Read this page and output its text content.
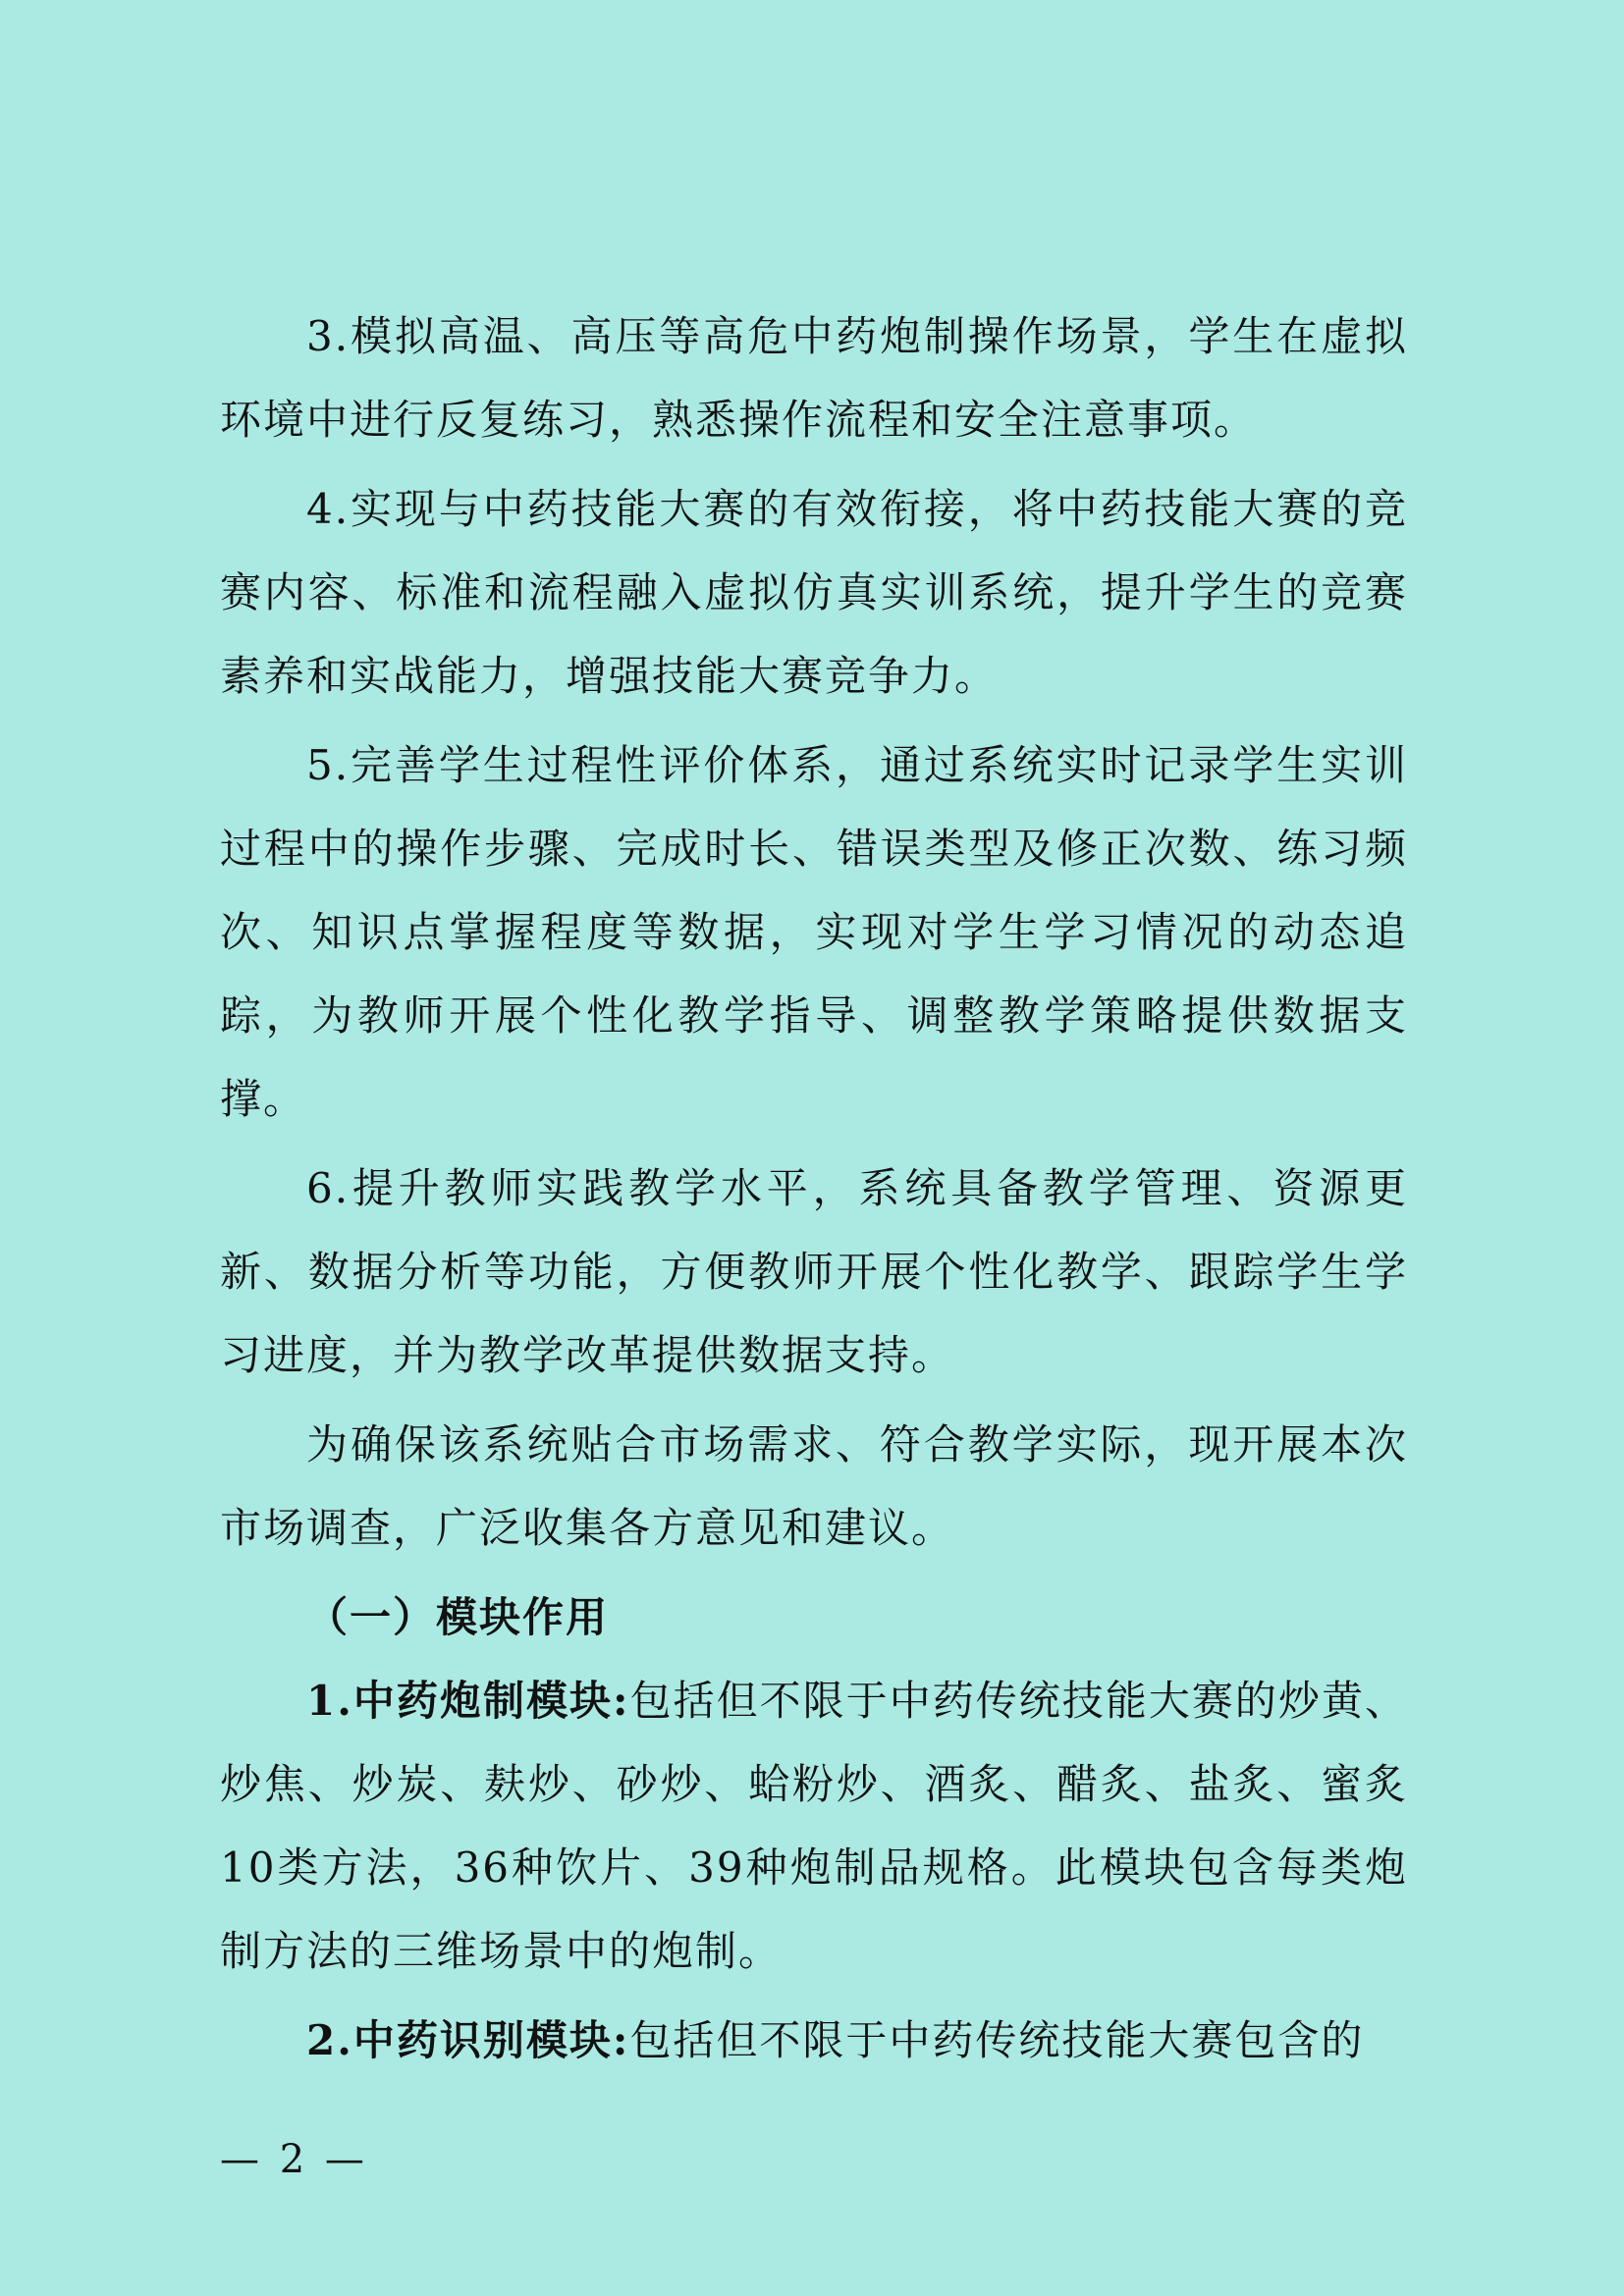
3.模拟高温、高压等高危中药炮制操作场景，学生在虚拟环境中进行反复练习，熟悉操作流程和安全注意事项。

4.实现与中药技能大赛的有效衔接，将中药技能大赛的竞赛内容、标准和流程融入虚拟仿真实训系统，提升学生的竞赛素养和实战能力，增强技能大赛竞争力。

5.完善学生过程性评价体系，通过系统实时记录学生实训过程中的操作步骤、完成时长、错误类型及修正次数、练习频次、知识点掌握程度等数据，实现对学生学习情况的动态追踪，为教师开展个性化教学指导、调整教学策略提供数据支撑。

6.提升教师实践教学水平，系统具备教学管理、资源更新、数据分析等功能，方便教师开展个性化教学、跟踪学生学习进度，并为教学改革提供数据支持。

为确保该系统贴合市场需求、符合教学实际，现开展本次市场调查，广泛收集各方意见和建议。

（一）模块作用

1.中药炮制模块:包括但不限于中药传统技能大赛的炒黄、炒焦、炒炭、麸炒、砂炒、蛤粉炒、酒炙、醋炙、盐炙、蜜炙10类方法，36种饮片、39种炮制品规格。此模块包含每类炮制方法的三维场景中的炮制。

2.中药识别模块:包括但不限于中药传统技能大赛包含的

— 2 —
